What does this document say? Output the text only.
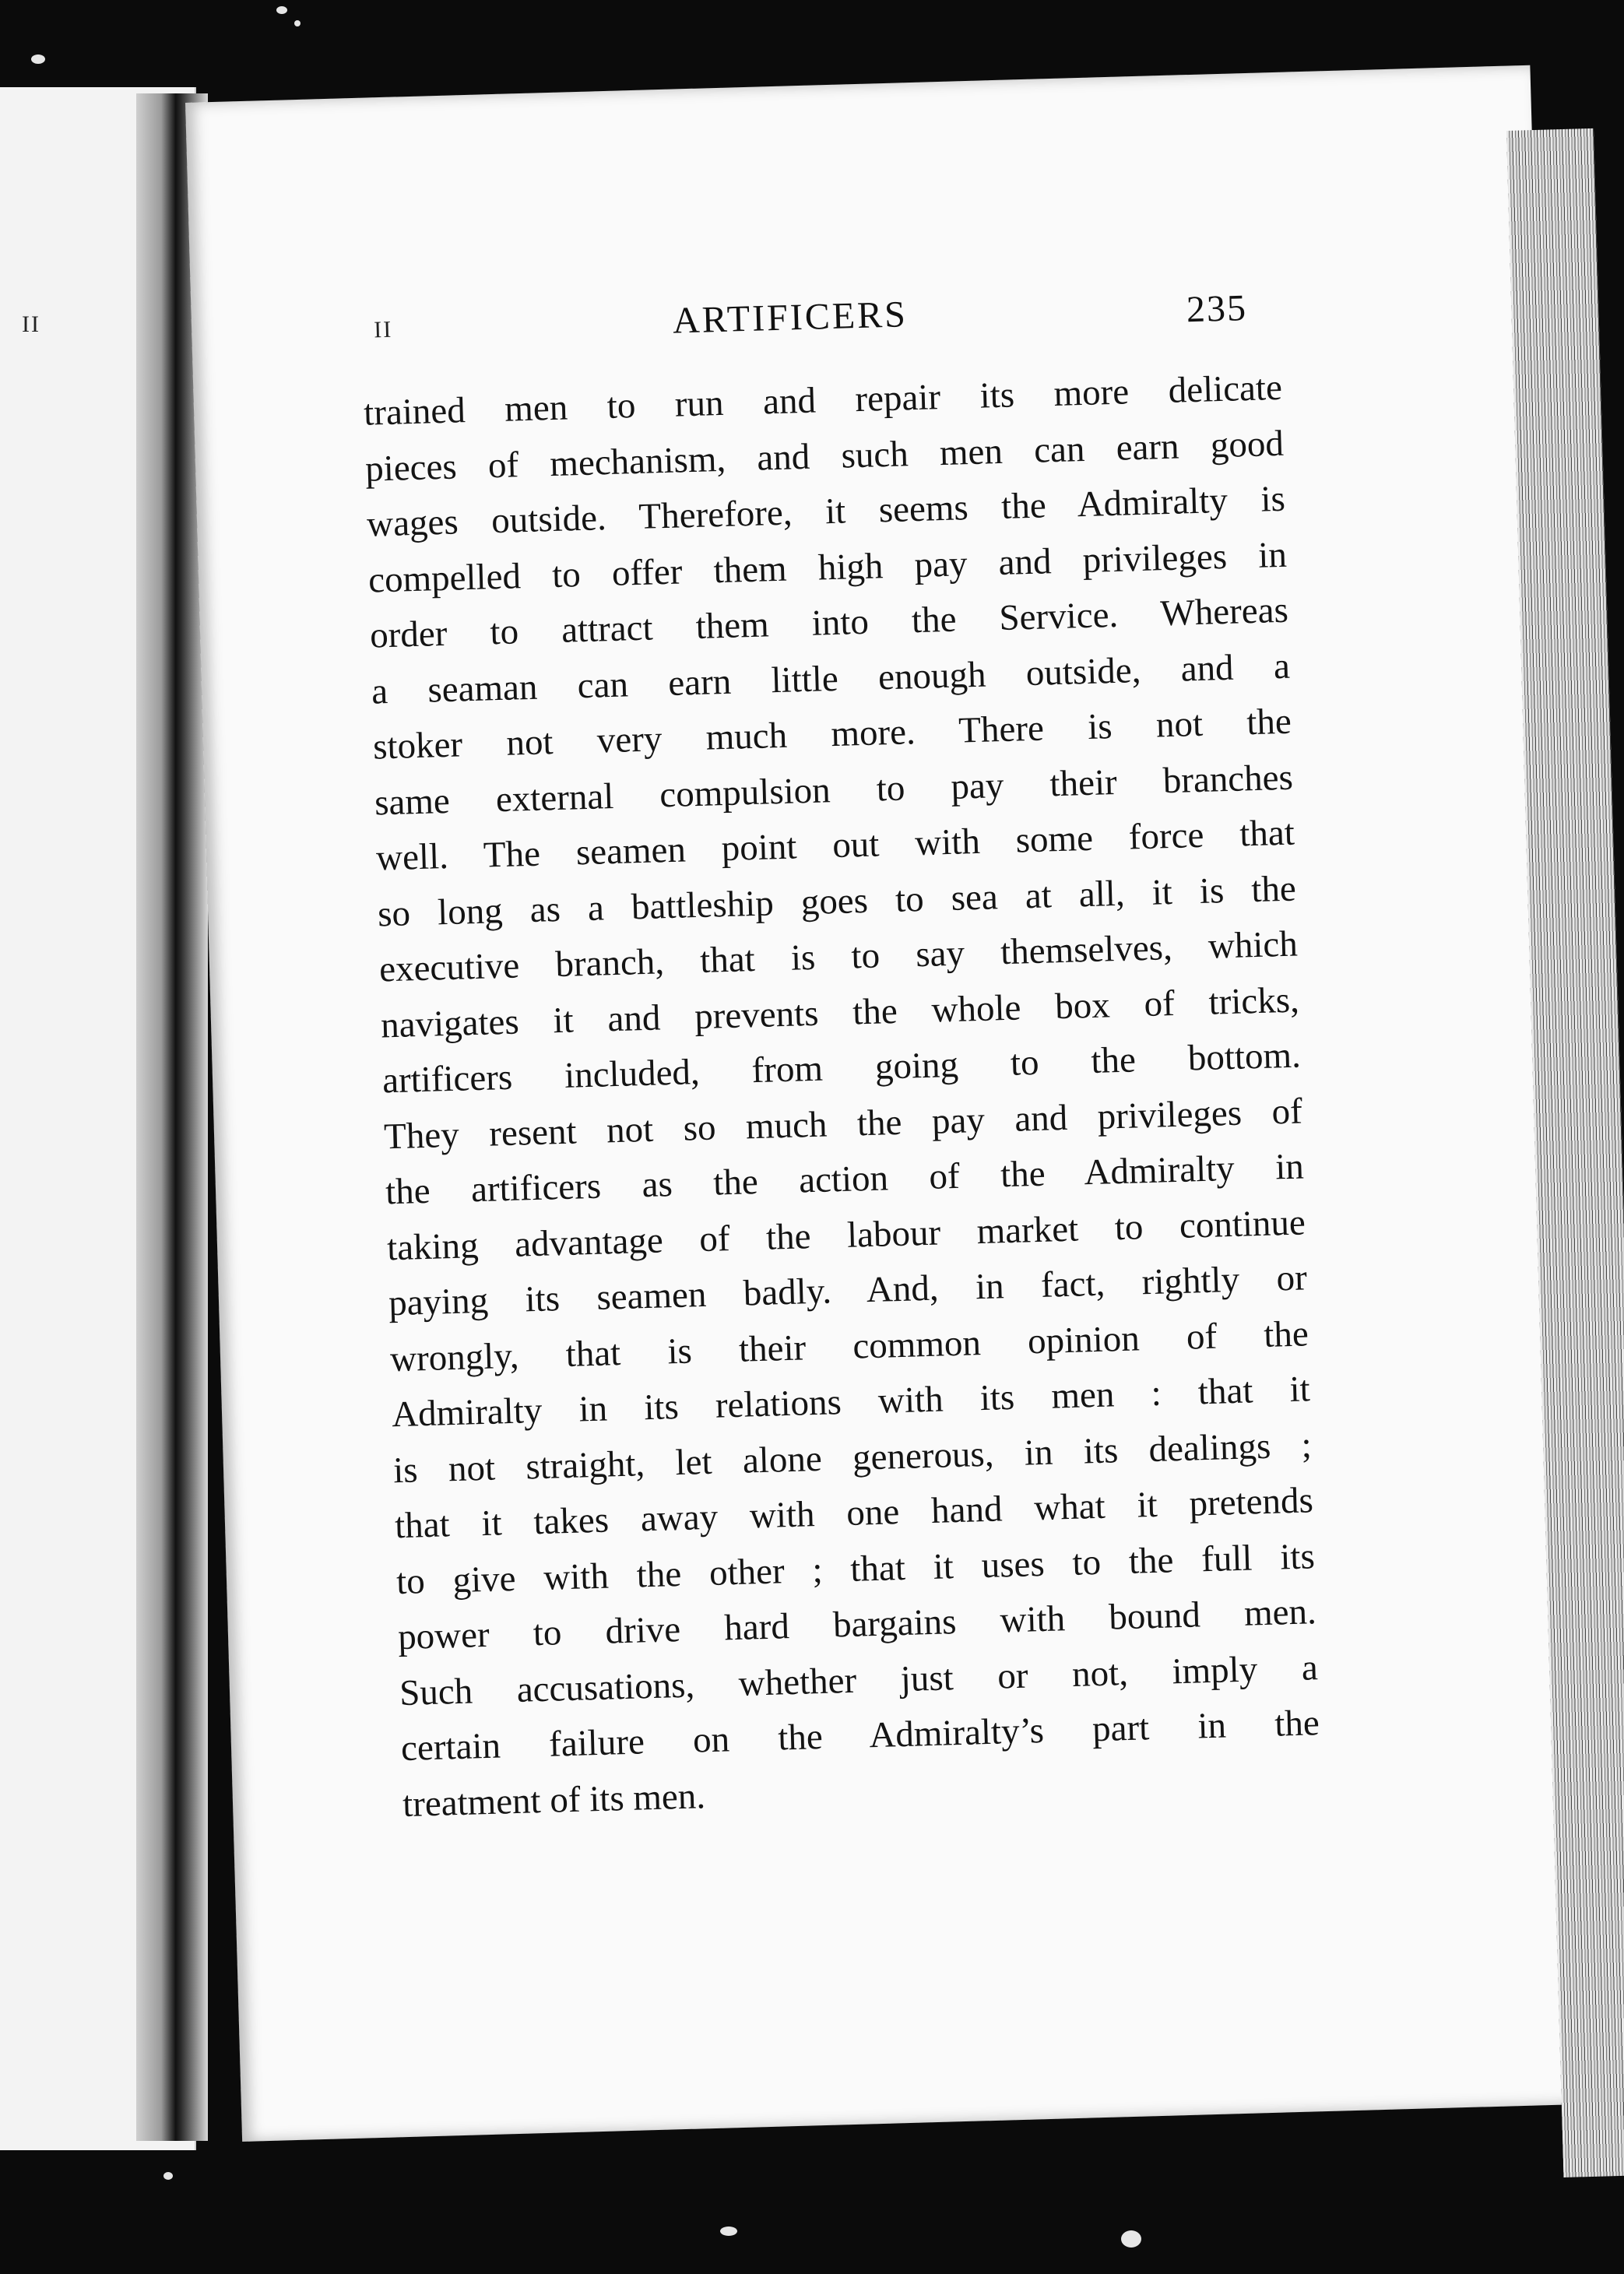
II	II	ARTIFICERS	235
trained men to run and repair its more delicate
pieces of mechanism, and such men can earn good
wages outside. Therefore, it seems the Admiralty is
compelled to offer them high pay and privileges in
order to attract them into the Service. Whereas
a seaman can earn little enough outside, and a
stoker not very much more. There is not the
same external compulsion to pay their branches
well. The seamen point out with some force that
so long as a battleship goes to sea at all, it is the
executive branch, that is to say themselves, which
navigates it and prevents the whole box of tricks,
artificers included, from going to the bottom.
They resent not so much the pay and privileges of
the artificers as the action of the Admiralty in
taking advantage of the labour market to continue
paying its seamen badly. And, in fact, rightly or
wrongly, that is their common opinion of the
Admiralty in its relations with its men : that it
is not straight, let alone generous, in its dealings ;
that it takes away with one hand what it pretends
to give with the other ; that it uses to the full its
power to drive hard bargains with bound men.
Such accusations, whether just or not, imply a
certain failure on the Admiralty’s part in the
treatment of its men.
